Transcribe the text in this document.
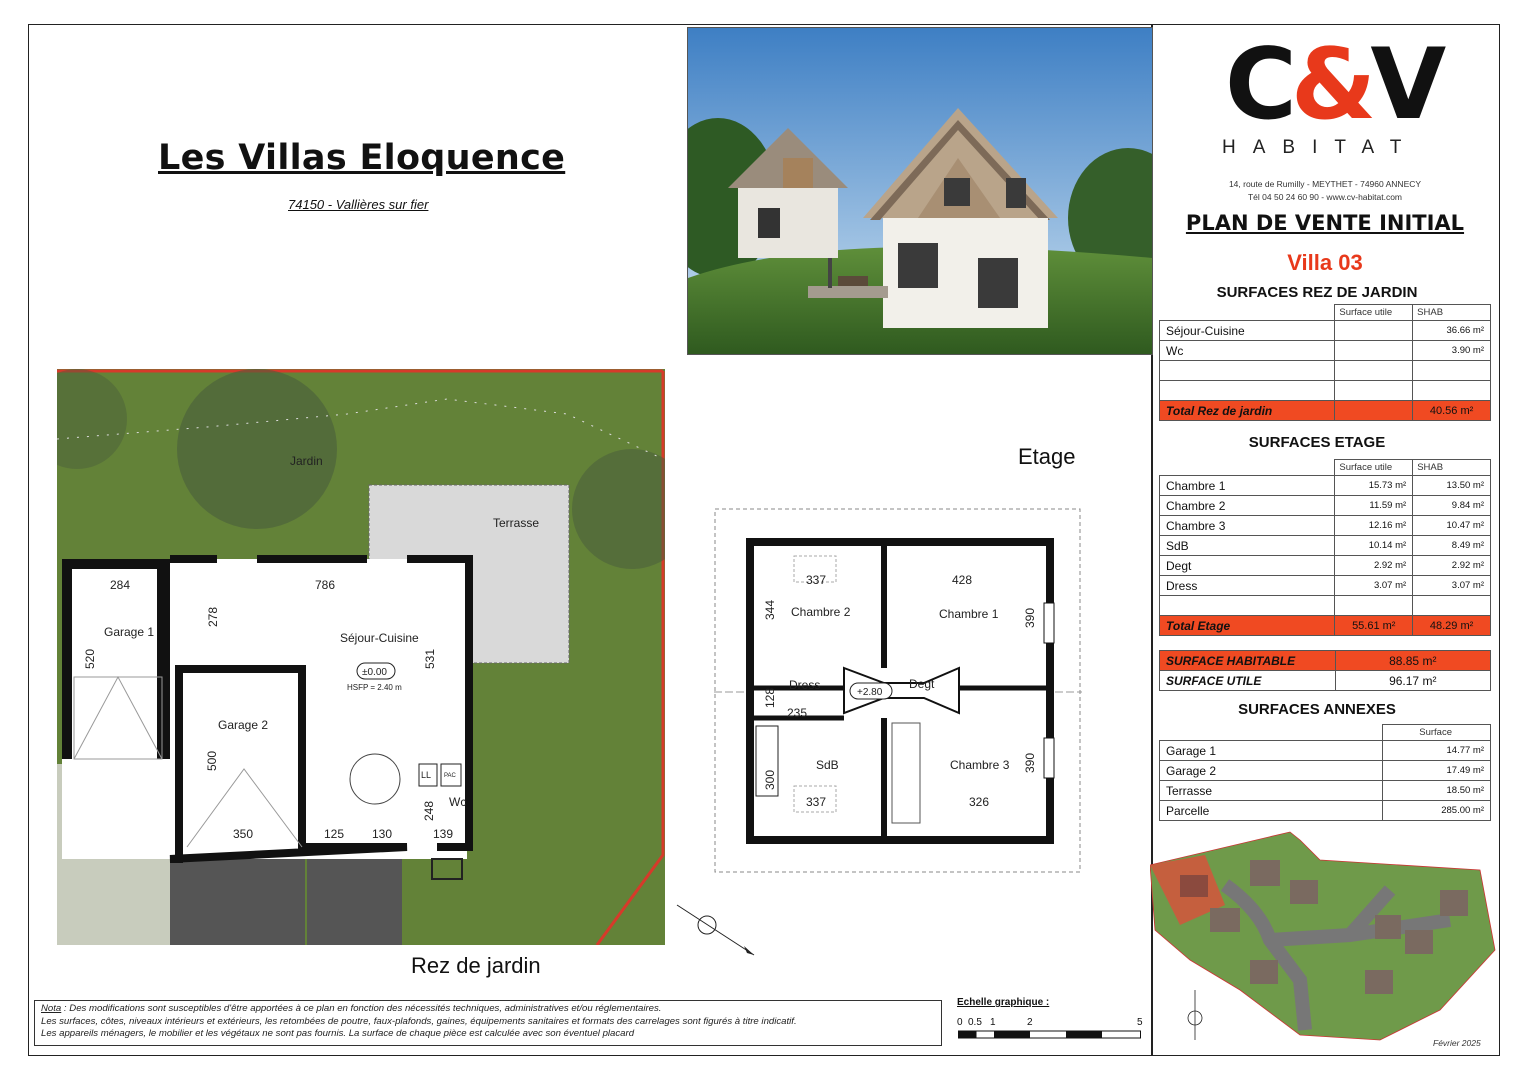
Les Villas Eloquence
74150 - Vallières sur fier
C&V
HABITAT
14, route de Rumilly - MEYTHET - 74960 ANNECY
Tél 04 50 24 60 90 - www.cv-habitat.com
PLAN DE VENTE INITIAL
Villa 03
SURFACES REZ DE JARDIN
	Surface utile	SHAB
Séjour-Cuisine		36.66 m²
Wc		3.90 m²

Total Rez de jardin		40.56 m²
SURFACES ETAGE
	Surface utile	SHAB
Chambre 1	15.73 m²	13.50 m²
Chambre 2	11.59 m²	9.84 m²
Chambre 3	12.16 m²	10.47 m²
SdB	10.14 m²	8.49 m²
Degt	2.92 m²	2.92 m²
Dress	3.07 m²	3.07 m²

Total Etage	55.61 m²	48.29 m²
SURFACE HABITABLE	88.85 m²
SURFACE UTILE	96.17 m²
SURFACES ANNEXES
	Surface
Garage 1	14.77 m²
Garage 2	17.49 m²
Terrasse	18.50 m²
Parcelle	285.00 m²
Jardin
Terrasse
Garage 1
Garage 2
Séjour-Cuisine
±0.00
HSFP = 2.40 m
Wc
LL PAC
284	786
278
520	531
500
350	125 130
248
139
Chambre 2	Chambre 1
Chambre 3
Dress	Degt
SdB
+2.80
337	428
344	390
128
235
300
337	326
390
Etage
Rez de jardin
Nota : Des modifications sont susceptibles d'être apportées à ce plan en fonction des nécessités techniques, administratives et/ou réglementaires.
Les surfaces, côtes, niveaux intérieurs et extérieurs, les retombées de poutre, faux-plafonds, gaines, équipements sanitaires et formats des carrelages sont figurés à titre indicatif.
Les appareils ménagers, le mobilier et les végétaux ne sont pas fournis. La surface de chaque pièce est calculée avec son éventuel placard
Echelle graphique :
0 0.5 1	2	5
Février 2025
